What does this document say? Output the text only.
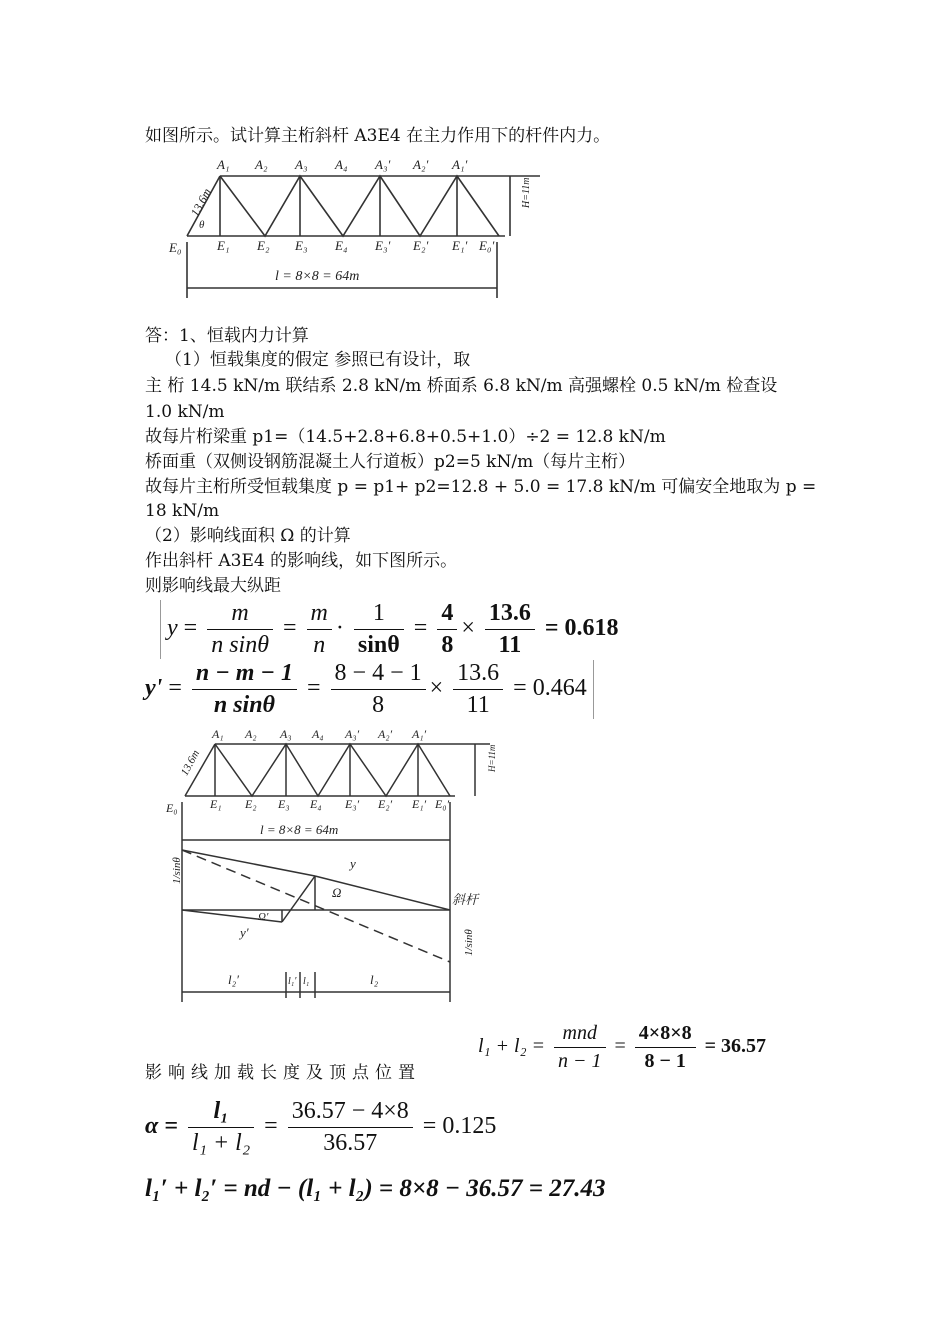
如图所示。试计算主桁斜杆 A3E4 在主力作用下的杆件内力。
A₁ A₂ A₃ A₄ A₃′ A₂′ A₁′
E₀	E₁ E₂ E₃ E₄ E₃′ E₂′ E₁′ E₀′
13.6m
θ
H=11m
l = 8×8 = 64m
答：1、恒载内力计算
（1）恒载集度的假定 参照已有设计，取
主 桁 14.5 kN/m 联结系 2.8 kN/m 桥面系 6.8 kN/m 高强螺栓 0.5 kN/m 检查设
1.0 kN/m
故每片桁梁重 p1=（14.5+2.8+6.8+0.5+1.0）÷2 = 12.8 kN/m
桥面重（双侧设钢筋混凝土人行道板）p2=5 kN/m（每片主桁）
故每片主桁所受恒载集度 p = p1+ p2=12.8 + 5.0 = 17.8 kN/m 可偏安全地取为 p =
18 kN/m
（2）影响线面积 Ω 的计算
作出斜杆 A3E4 的影响线，如下图所示。
则影响线最大纵距
$y = \frac{m}{\text{n sinθ}} = \frac{m}{n} \cdot \frac{1}{\sin\theta} = \frac{4}{8} \times \frac{13.6}{11} = 0.618$
$y' = \frac{n - m - 1}{\text{n sinθ}} = \frac{8 - 4 - 1}{8} \times \frac{13.6}{11} = 0.464$
A₁ A₂ A₃ A₄ A₃′ A₂′ A₁′
E₀	E₁ E₂ E₃ E₄ E₃′ E₂′ E₁′ E₀′
13.6m	H=11m
l = 8×8 = 64m
1/sinθ
1/sinθ
斜杆
Ω
Ω′
y
y′
l₂′	l₁′ l₁	l₂
$l_1 + l_2 = \frac{\text{mnd}}{n - 1} = \frac{4\times 8\times 8}{8 - 1} = 36.57$
影响线加载长度及顶点位置
$\alpha = \frac{\text{l₁}}{\text{l₁ + l₂}} = \frac{36.57 - 4\times 8}{36.57} = 0.125$
l₁′ + l₂′ = nd − (l₁ + l₂) = 8×8 − 36.57 = 27.43
